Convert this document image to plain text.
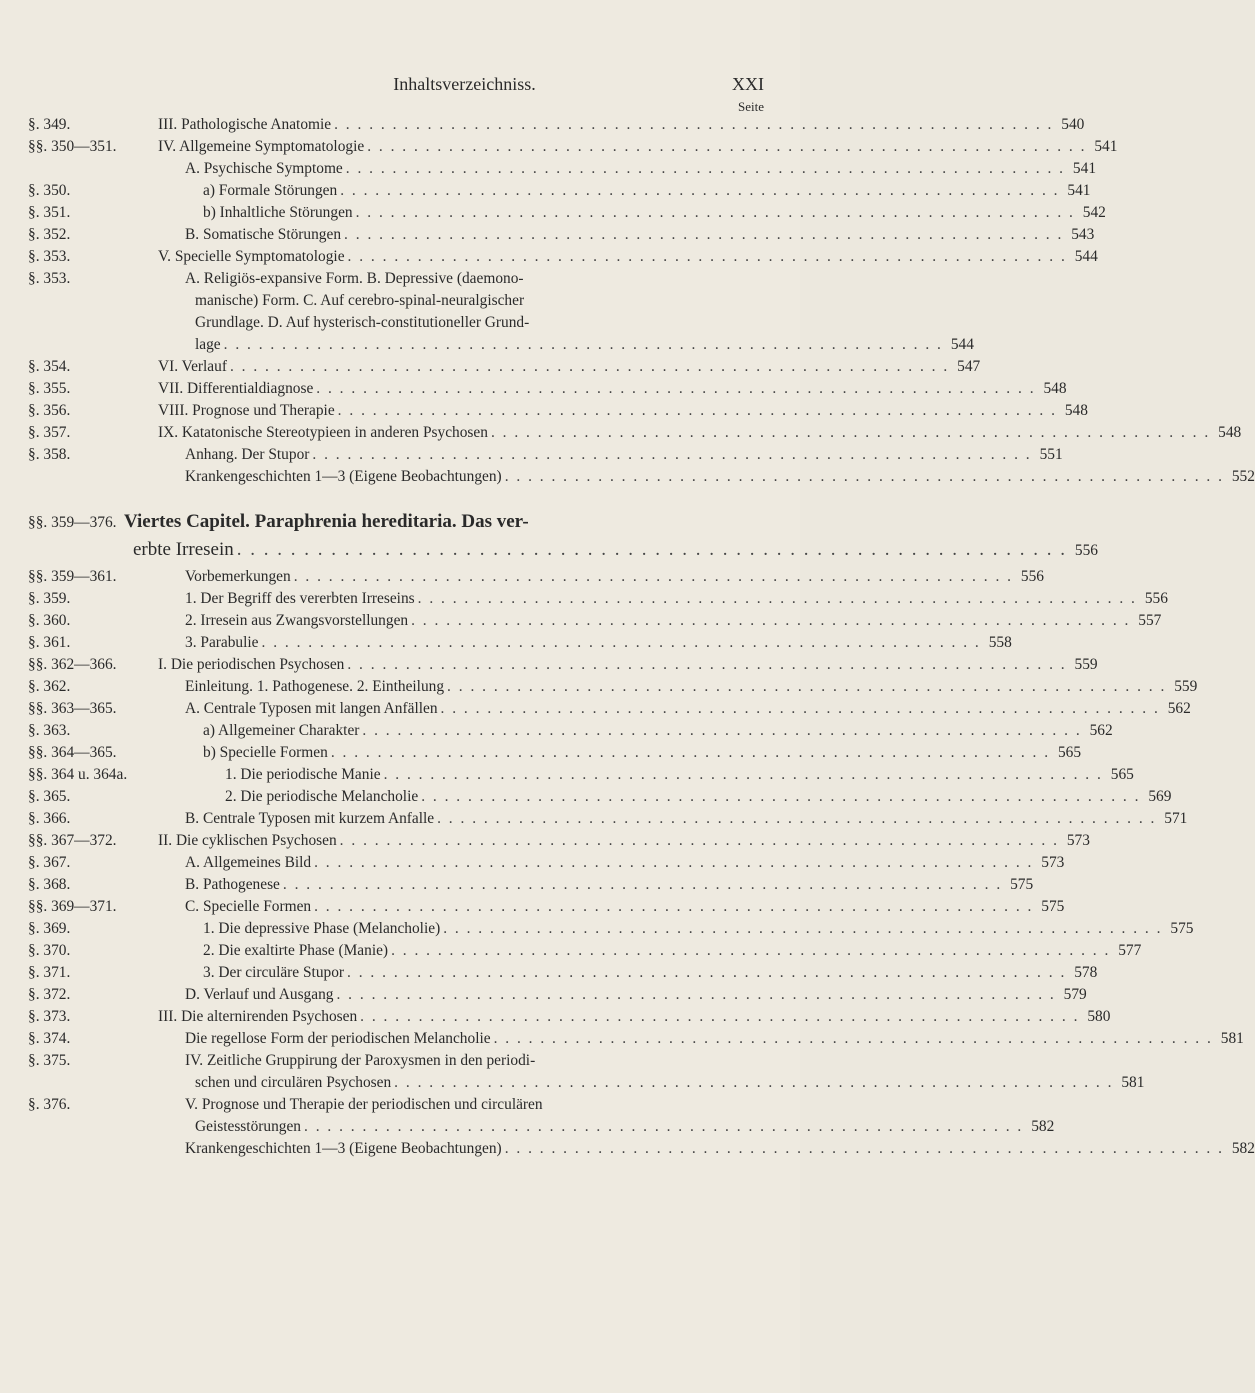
Inhaltsverzeichniss.	XXI
Seite
§. 349.	III. Pathologische Anatomie . . . . . . . . . . . . . . . . . . . . . . . . . . . . . . . . . . . . . . . . . . . . . . . . . . . . . . . . . . . . . . 540
§§. 350—351.	IV. Allgemeine Symptomatologie . . . . . . . . . . . . . . . . . . . . . . . . . . . . . . . . . . . . . . . . . . . . . . . . . . . . . . . . . . . . . . 541
A. Psychische Symptome . . . . . . . . . . . . . . . . . . . . . . . . . . . . . . . . . . . . . . . . . . . . . . . . . . . . . . . . . . . . . . 541
§. 350.	a) Formale Störungen . . . . . . . . . . . . . . . . . . . . . . . . . . . . . . . . . . . . . . . . . . . . . . . . . . . . . . . . . . . . . . 541
§. 351.	b) Inhaltliche Störungen . . . . . . . . . . . . . . . . . . . . . . . . . . . . . . . . . . . . . . . . . . . . . . . . . . . . . . . . . . . . . . 542
§. 352.	B. Somatische Störungen . . . . . . . . . . . . . . . . . . . . . . . . . . . . . . . . . . . . . . . . . . . . . . . . . . . . . . . . . . . . . . 543
§. 353.	V. Specielle Symptomatologie . . . . . . . . . . . . . . . . . . . . . . . . . . . . . . . . . . . . . . . . . . . . . . . . . . . . . . . . . . . . . . 544
§. 353.	A. Religiös-expansive Form. B. Depressive (daemono-
manische) Form. C. Auf cerebro-spinal-neuralgischer
Grundlage. D. Auf hysterisch-constitutioneller Grund-
lage . . . . . . . . . . . . . . . . . . . . . . . . . . . . . . . . . . . . . . . . . . . . . . . . . . . . . . . . . . . . . . 544
§. 354.	VI. Verlauf . . . . . . . . . . . . . . . . . . . . . . . . . . . . . . . . . . . . . . . . . . . . . . . . . . . . . . . . . . . . . . 547
§. 355.	VII. Differentialdiagnose . . . . . . . . . . . . . . . . . . . . . . . . . . . . . . . . . . . . . . . . . . . . . . . . . . . . . . . . . . . . . . 548
§. 356.	VIII. Prognose und Therapie . . . . . . . . . . . . . . . . . . . . . . . . . . . . . . . . . . . . . . . . . . . . . . . . . . . . . . . . . . . . . . 548
§. 357.	IX. Katatonische Stereotypieen in anderen Psychosen . . . . . . . . . . . . . . . . . . . . . . . . . . . . . . . . . . . . . . . . . . . . . . . . . . . . . . . . . . . . . . 548
§. 358.	Anhang. Der Stupor . . . . . . . . . . . . . . . . . . . . . . . . . . . . . . . . . . . . . . . . . . . . . . . . . . . . . . . . . . . . . . 551
Krankengeschichten 1—3 (Eigene Beobachtungen) . . . . . . . . . . . . . . . . . . . . . . . . . . . . . . . . . . . . . . . . . . . . . . . . . . . . . . . . . . . . . . 552
§§. 359—376. Viertes Capitel. Paraphrenia hereditaria. Das ver-
erbte Irresein . . . . . . . . . . . . . . . . . . . . . . . . . . . . . . . . . . . . . . . . . . . . . . . . . . . . . . . . . . . . . . 556
§§. 359—361.	Vorbemerkungen . . . . . . . . . . . . . . . . . . . . . . . . . . . . . . . . . . . . . . . . . . . . . . . . . . . . . . . . . . . . . . 556
§. 359.	1. Der Begriff des vererbten Irreseins . . . . . . . . . . . . . . . . . . . . . . . . . . . . . . . . . . . . . . . . . . . . . . . . . . . . . . . . . . . . . . 556
§. 360.	2. Irresein aus Zwangsvorstellungen . . . . . . . . . . . . . . . . . . . . . . . . . . . . . . . . . . . . . . . . . . . . . . . . . . . . . . . . . . . . . . 557
§. 361.	3. Parabulie . . . . . . . . . . . . . . . . . . . . . . . . . . . . . . . . . . . . . . . . . . . . . . . . . . . . . . . . . . . . . . 558
§§. 362—366.	I. Die periodischen Psychosen . . . . . . . . . . . . . . . . . . . . . . . . . . . . . . . . . . . . . . . . . . . . . . . . . . . . . . . . . . . . . . 559
§. 362.	Einleitung. 1. Pathogenese. 2. Eintheilung . . . . . . . . . . . . . . . . . . . . . . . . . . . . . . . . . . . . . . . . . . . . . . . . . . . . . . . . . . . . . . 559
§§. 363—365.	A. Centrale Typosen mit langen Anfällen . . . . . . . . . . . . . . . . . . . . . . . . . . . . . . . . . . . . . . . . . . . . . . . . . . . . . . . . . . . . . . 562
§. 363.	a) Allgemeiner Charakter . . . . . . . . . . . . . . . . . . . . . . . . . . . . . . . . . . . . . . . . . . . . . . . . . . . . . . . . . . . . . . 562
§§. 364—365.	b) Specielle Formen . . . . . . . . . . . . . . . . . . . . . . . . . . . . . . . . . . . . . . . . . . . . . . . . . . . . . . . . . . . . . . 565
§§. 364 u. 364a.	1. Die periodische Manie . . . . . . . . . . . . . . . . . . . . . . . . . . . . . . . . . . . . . . . . . . . . . . . . . . . . . . . . . . . . . . 565
§. 365.	2. Die periodische Melancholie . . . . . . . . . . . . . . . . . . . . . . . . . . . . . . . . . . . . . . . . . . . . . . . . . . . . . . . . . . . . . . 569
§. 366.	B. Centrale Typosen mit kurzem Anfalle . . . . . . . . . . . . . . . . . . . . . . . . . . . . . . . . . . . . . . . . . . . . . . . . . . . . . . . . . . . . . . 571
§§. 367—372.	II. Die cyklischen Psychosen . . . . . . . . . . . . . . . . . . . . . . . . . . . . . . . . . . . . . . . . . . . . . . . . . . . . . . . . . . . . . . 573
§. 367.	A. Allgemeines Bild . . . . . . . . . . . . . . . . . . . . . . . . . . . . . . . . . . . . . . . . . . . . . . . . . . . . . . . . . . . . . . 573
§. 368.	B. Pathogenese . . . . . . . . . . . . . . . . . . . . . . . . . . . . . . . . . . . . . . . . . . . . . . . . . . . . . . . . . . . . . . 575
§§. 369—371.	C. Specielle Formen . . . . . . . . . . . . . . . . . . . . . . . . . . . . . . . . . . . . . . . . . . . . . . . . . . . . . . . . . . . . . . 575
§. 369.	1. Die depressive Phase (Melancholie) . . . . . . . . . . . . . . . . . . . . . . . . . . . . . . . . . . . . . . . . . . . . . . . . . . . . . . . . . . . . . . 575
§. 370.	2. Die exaltirte Phase (Manie) . . . . . . . . . . . . . . . . . . . . . . . . . . . . . . . . . . . . . . . . . . . . . . . . . . . . . . . . . . . . . . 577
§. 371.	3. Der circuläre Stupor . . . . . . . . . . . . . . . . . . . . . . . . . . . . . . . . . . . . . . . . . . . . . . . . . . . . . . . . . . . . . . 578
§. 372.	D. Verlauf und Ausgang . . . . . . . . . . . . . . . . . . . . . . . . . . . . . . . . . . . . . . . . . . . . . . . . . . . . . . . . . . . . . . 579
§. 373.	III. Die alternirenden Psychosen . . . . . . . . . . . . . . . . . . . . . . . . . . . . . . . . . . . . . . . . . . . . . . . . . . . . . . . . . . . . . . 580
§. 374.	Die regellose Form der periodischen Melancholie . . . . . . . . . . . . . . . . . . . . . . . . . . . . . . . . . . . . . . . . . . . . . . . . . . . . . . . . . . . . . . 581
§. 375.	IV. Zeitliche Gruppirung der Paroxysmen in den periodi-
schen und circulären Psychosen . . . . . . . . . . . . . . . . . . . . . . . . . . . . . . . . . . . . . . . . . . . . . . . . . . . . . . . . . . . . . . 581
§. 376.	V. Prognose und Therapie der periodischen und circulären
Geistesstörungen . . . . . . . . . . . . . . . . . . . . . . . . . . . . . . . . . . . . . . . . . . . . . . . . . . . . . . . . . . . . . . 582
Krankengeschichten 1—3 (Eigene Beobachtungen) . . . . . . . . . . . . . . . . . . . . . . . . . . . . . . . . . . . . . . . . . . . . . . . . . . . . . . . . . . . . . . 582
